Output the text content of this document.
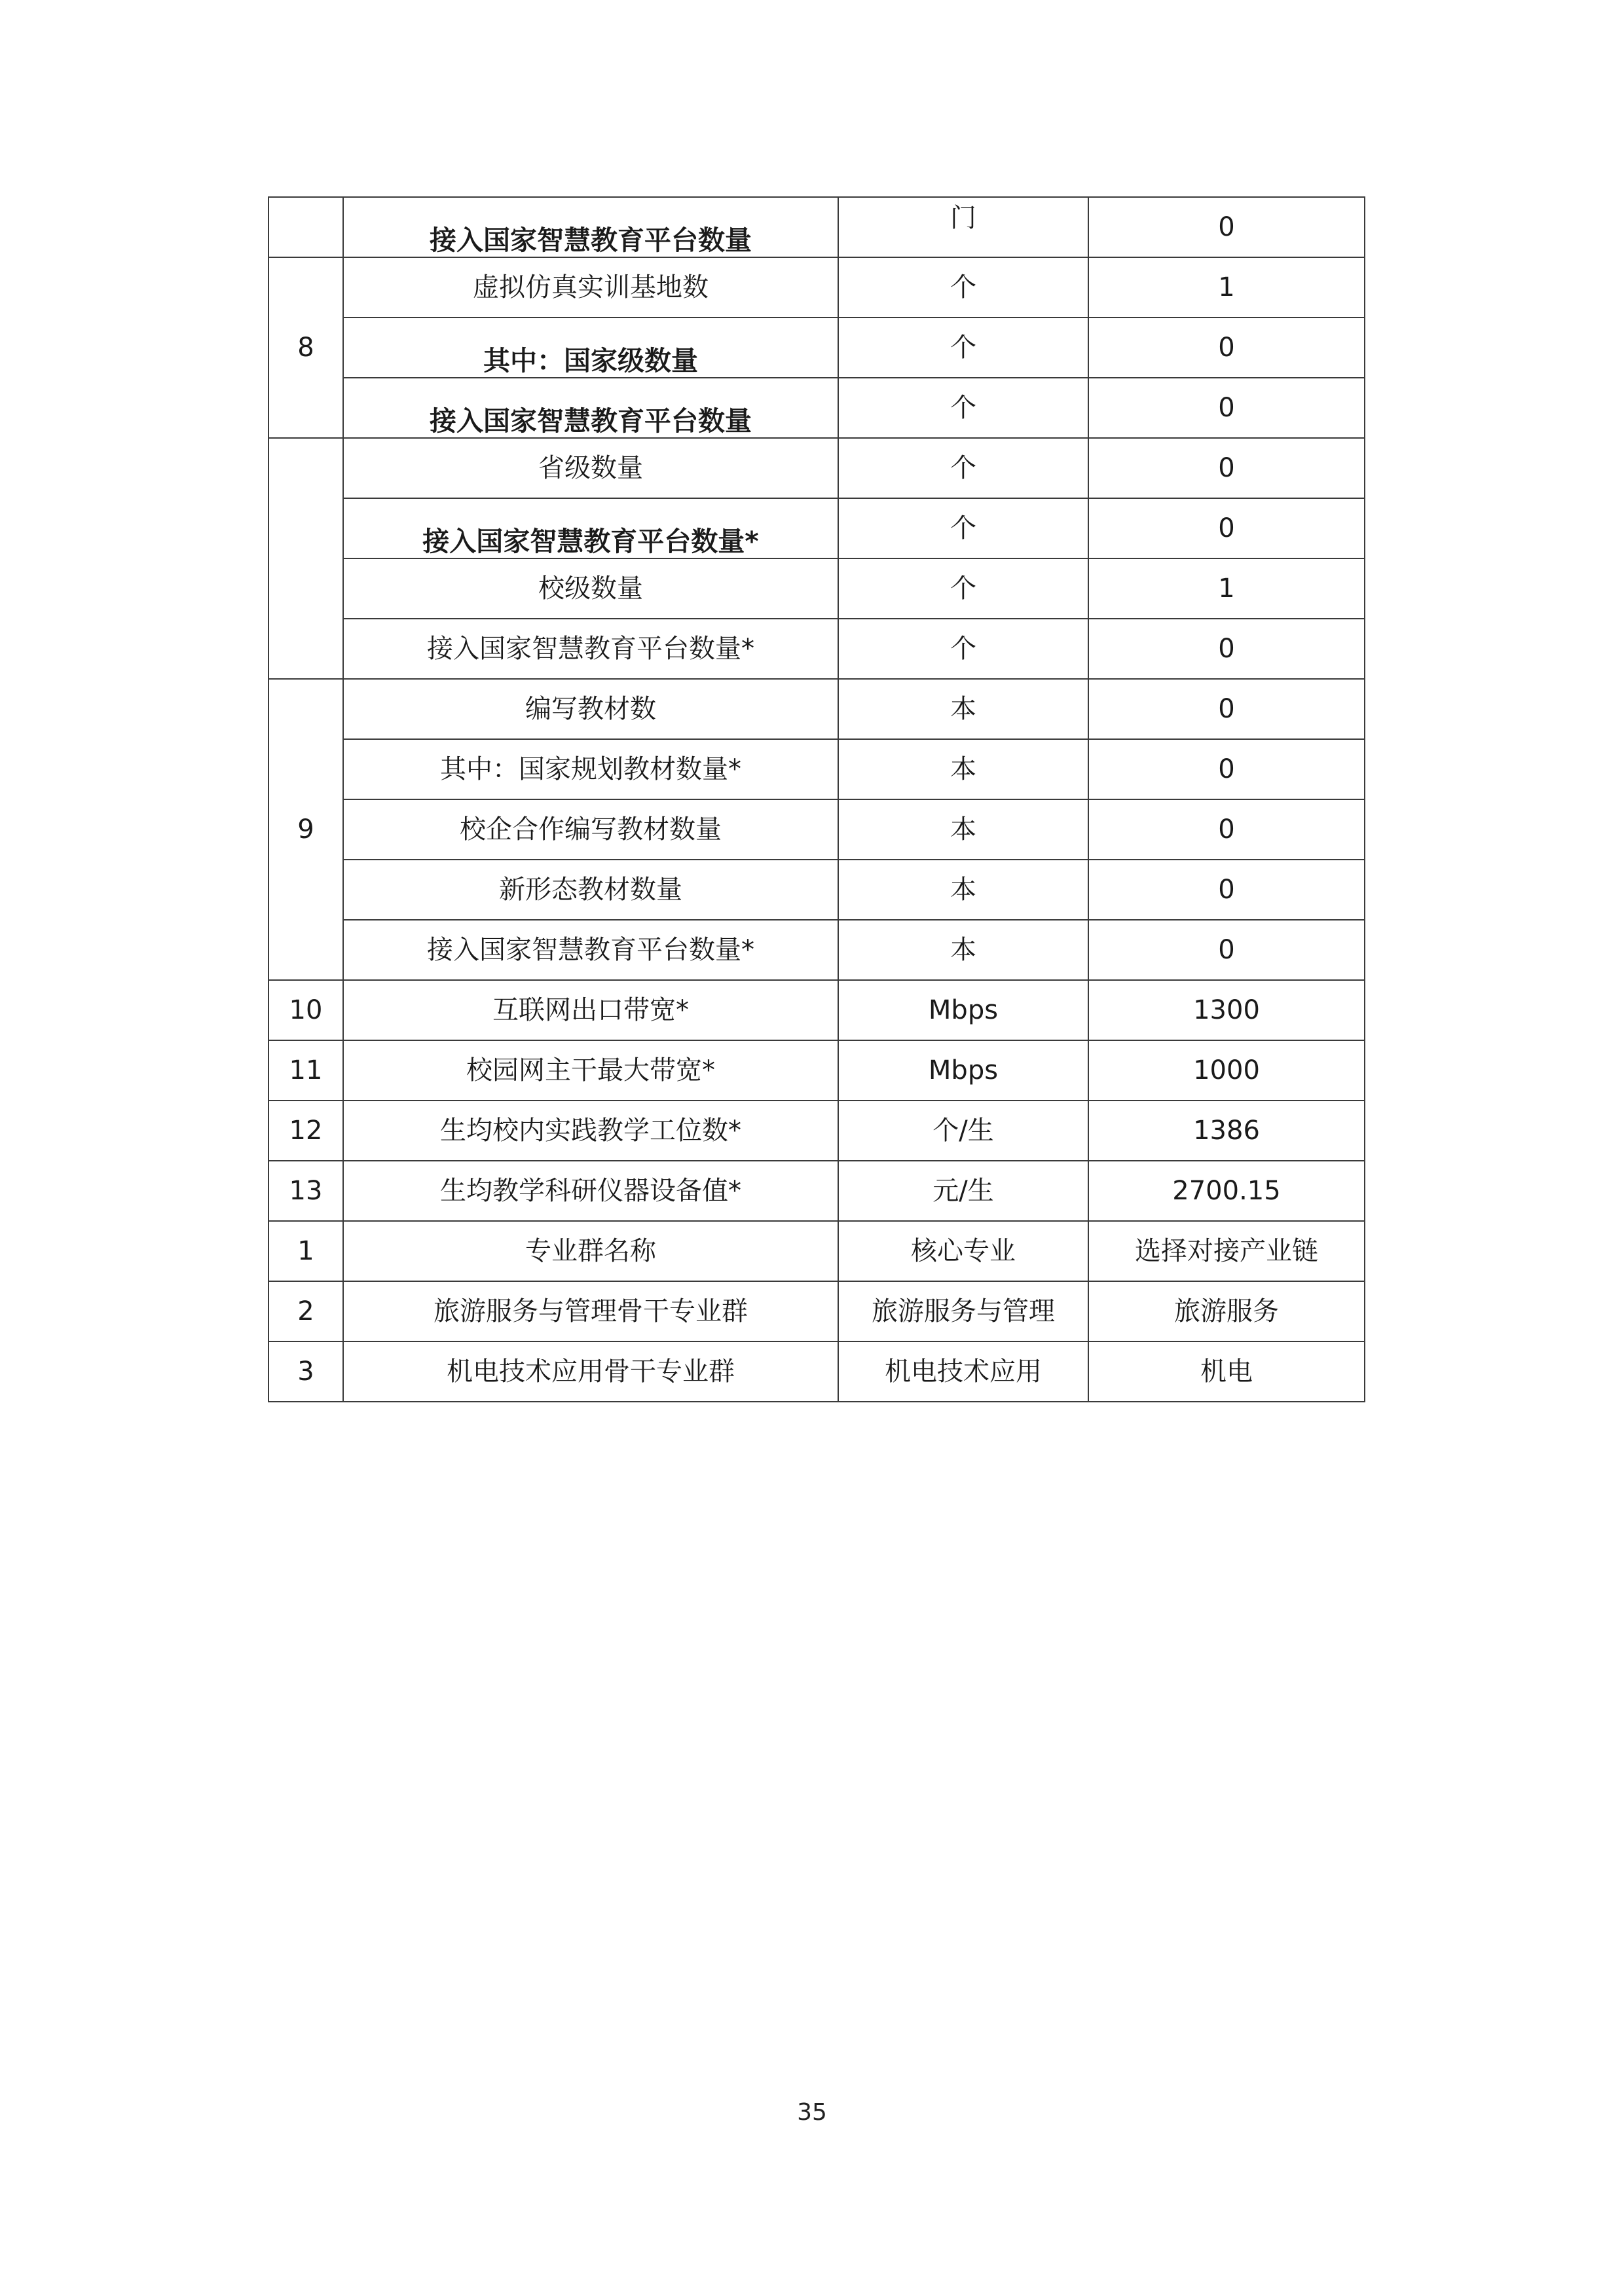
	接入国家智慧教育平台数量	门	0
8	虚拟仿真实训基地数	个	1
	其中：国家级数量	个	0
	接入国家智慧教育平台数量	个	0
	省级数量	个	0
	接入国家智慧教育平台数量*	个	0
	校级数量	个	1
	接入国家智慧教育平台数量*	个	0
9	编写教材数	本	0
	其中：国家规划教材数量*	本	0
	校企合作编写教材数量	本	0
	新形态教材数量	本	0
	接入国家智慧教育平台数量*	本	0
10	互联网出口带宽*	Mbps	1300
11	校园网主干最大带宽*	Mbps	1000
12	生均校内实践教学工位数*	个/生	1386
13	生均教学科研仪器设备值*	元/生	2700.15
1	专业群名称	核心专业	选择对接产业链
2	旅游服务与管理骨干专业群	旅游服务与管理	旅游服务
3	机电技术应用骨干专业群	机电技术应用	机电
35
